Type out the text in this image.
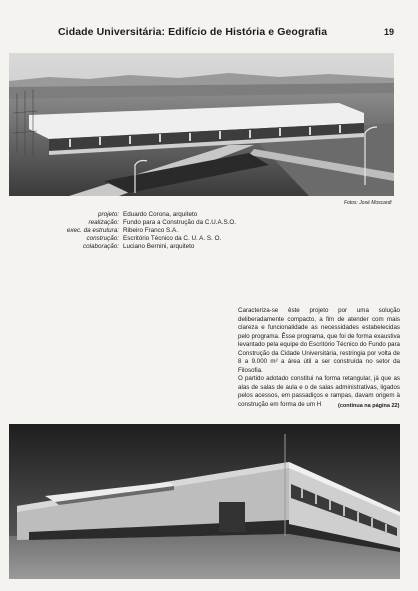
Cidade Universitária: Edifício de História e Geografia	19
Fotos: José Moscardi
projeto: Eduardo Corona, arquiteto
realização: Fundo para a Construção da C.U.A.S.O.
exec. da estrutura: Ribeiro Franco S.A.
construção: Escritório Técnico da C. U. A. S. O.
colaboração: Luciano Bernini, arquiteto

Caracteriza-se êste projeto por uma solução deliberadamente compacto, a fim de atender com mais clareza e funcionalidade as necessidades estabelecidas pelo programa. Êsse programa, que foi de forma exaustiva levantado pela equipe do Escritório Técnico do Fundo para Construção da Cidade Universitária, restringia por volta de 8 a 9.000 m² a área útil a ser construída no setor da Filosofia.

O partido adotado constitui na forma retangular, já que as alas de salas de aula e o de salas administrativas, ligados pelos acessos, em passadiços e rampas, davam origem à construção em forma de um H	(continua na página 22)
